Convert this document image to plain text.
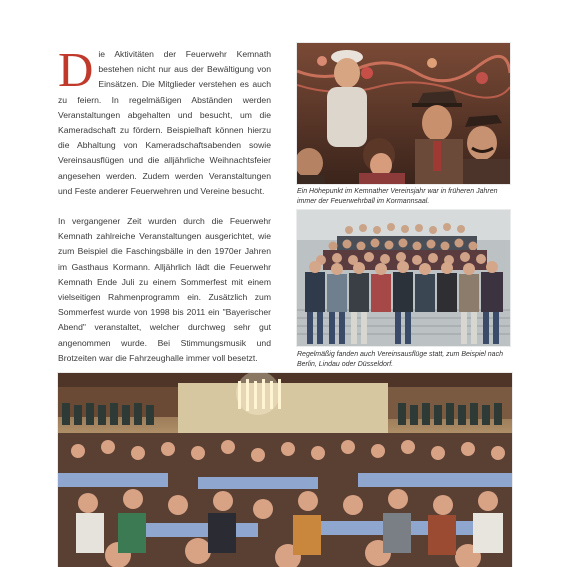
Die Aktivitäten der Feuerwehr Kemnath bestehen nicht nur aus der Bewältigung von Einsätzen. Die Mitglieder verstehen es auch zu feiern. In regelmäßigen Abständen werden Veranstaltungen abgehalten und besucht, um die Kameradschaft zu fördern. Beispielhaft können hierzu die Abhaltung von Kameradschaftsabenden sowie Vereinsausflügen und die alljährliche Weihnachtsfeier angesehen werden. Zudem werden Veranstaltungen und Feste anderer Feuerwehren und Vereine besucht.

In vergangener Zeit wurden durch die Feuerwehr Kemnath zahlreiche Veranstaltungen ausgerichtet, wie zum Beispiel die Faschingsbälle in den 1970er Jahren im Gasthaus Kormann. Alljährlich lädt die Feuerwehr Kemnath Ende Juli zu einem Sommerfest mit einem vielseitigen Rahmenprogramm ein. Zusätzlich zum Sommerfest wurde von 1998 bis 2011 ein "Bayerischer Abend" veranstaltet, welcher durchweg sehr gut angenommen wurde. Bei Stimmungsmusik und Brotzeiten war die Fahrzeughalle immer voll besetzt.

Ein Höhepunkt im Kemnather Vereinsjahr war in früheren Jahren immer der Feuerwehrball im Kormannsaal.
Regelmäßig fanden auch Vereinsausflüge statt, zum Beispiel nach Berlin, Lindau oder Düsseldorf.
